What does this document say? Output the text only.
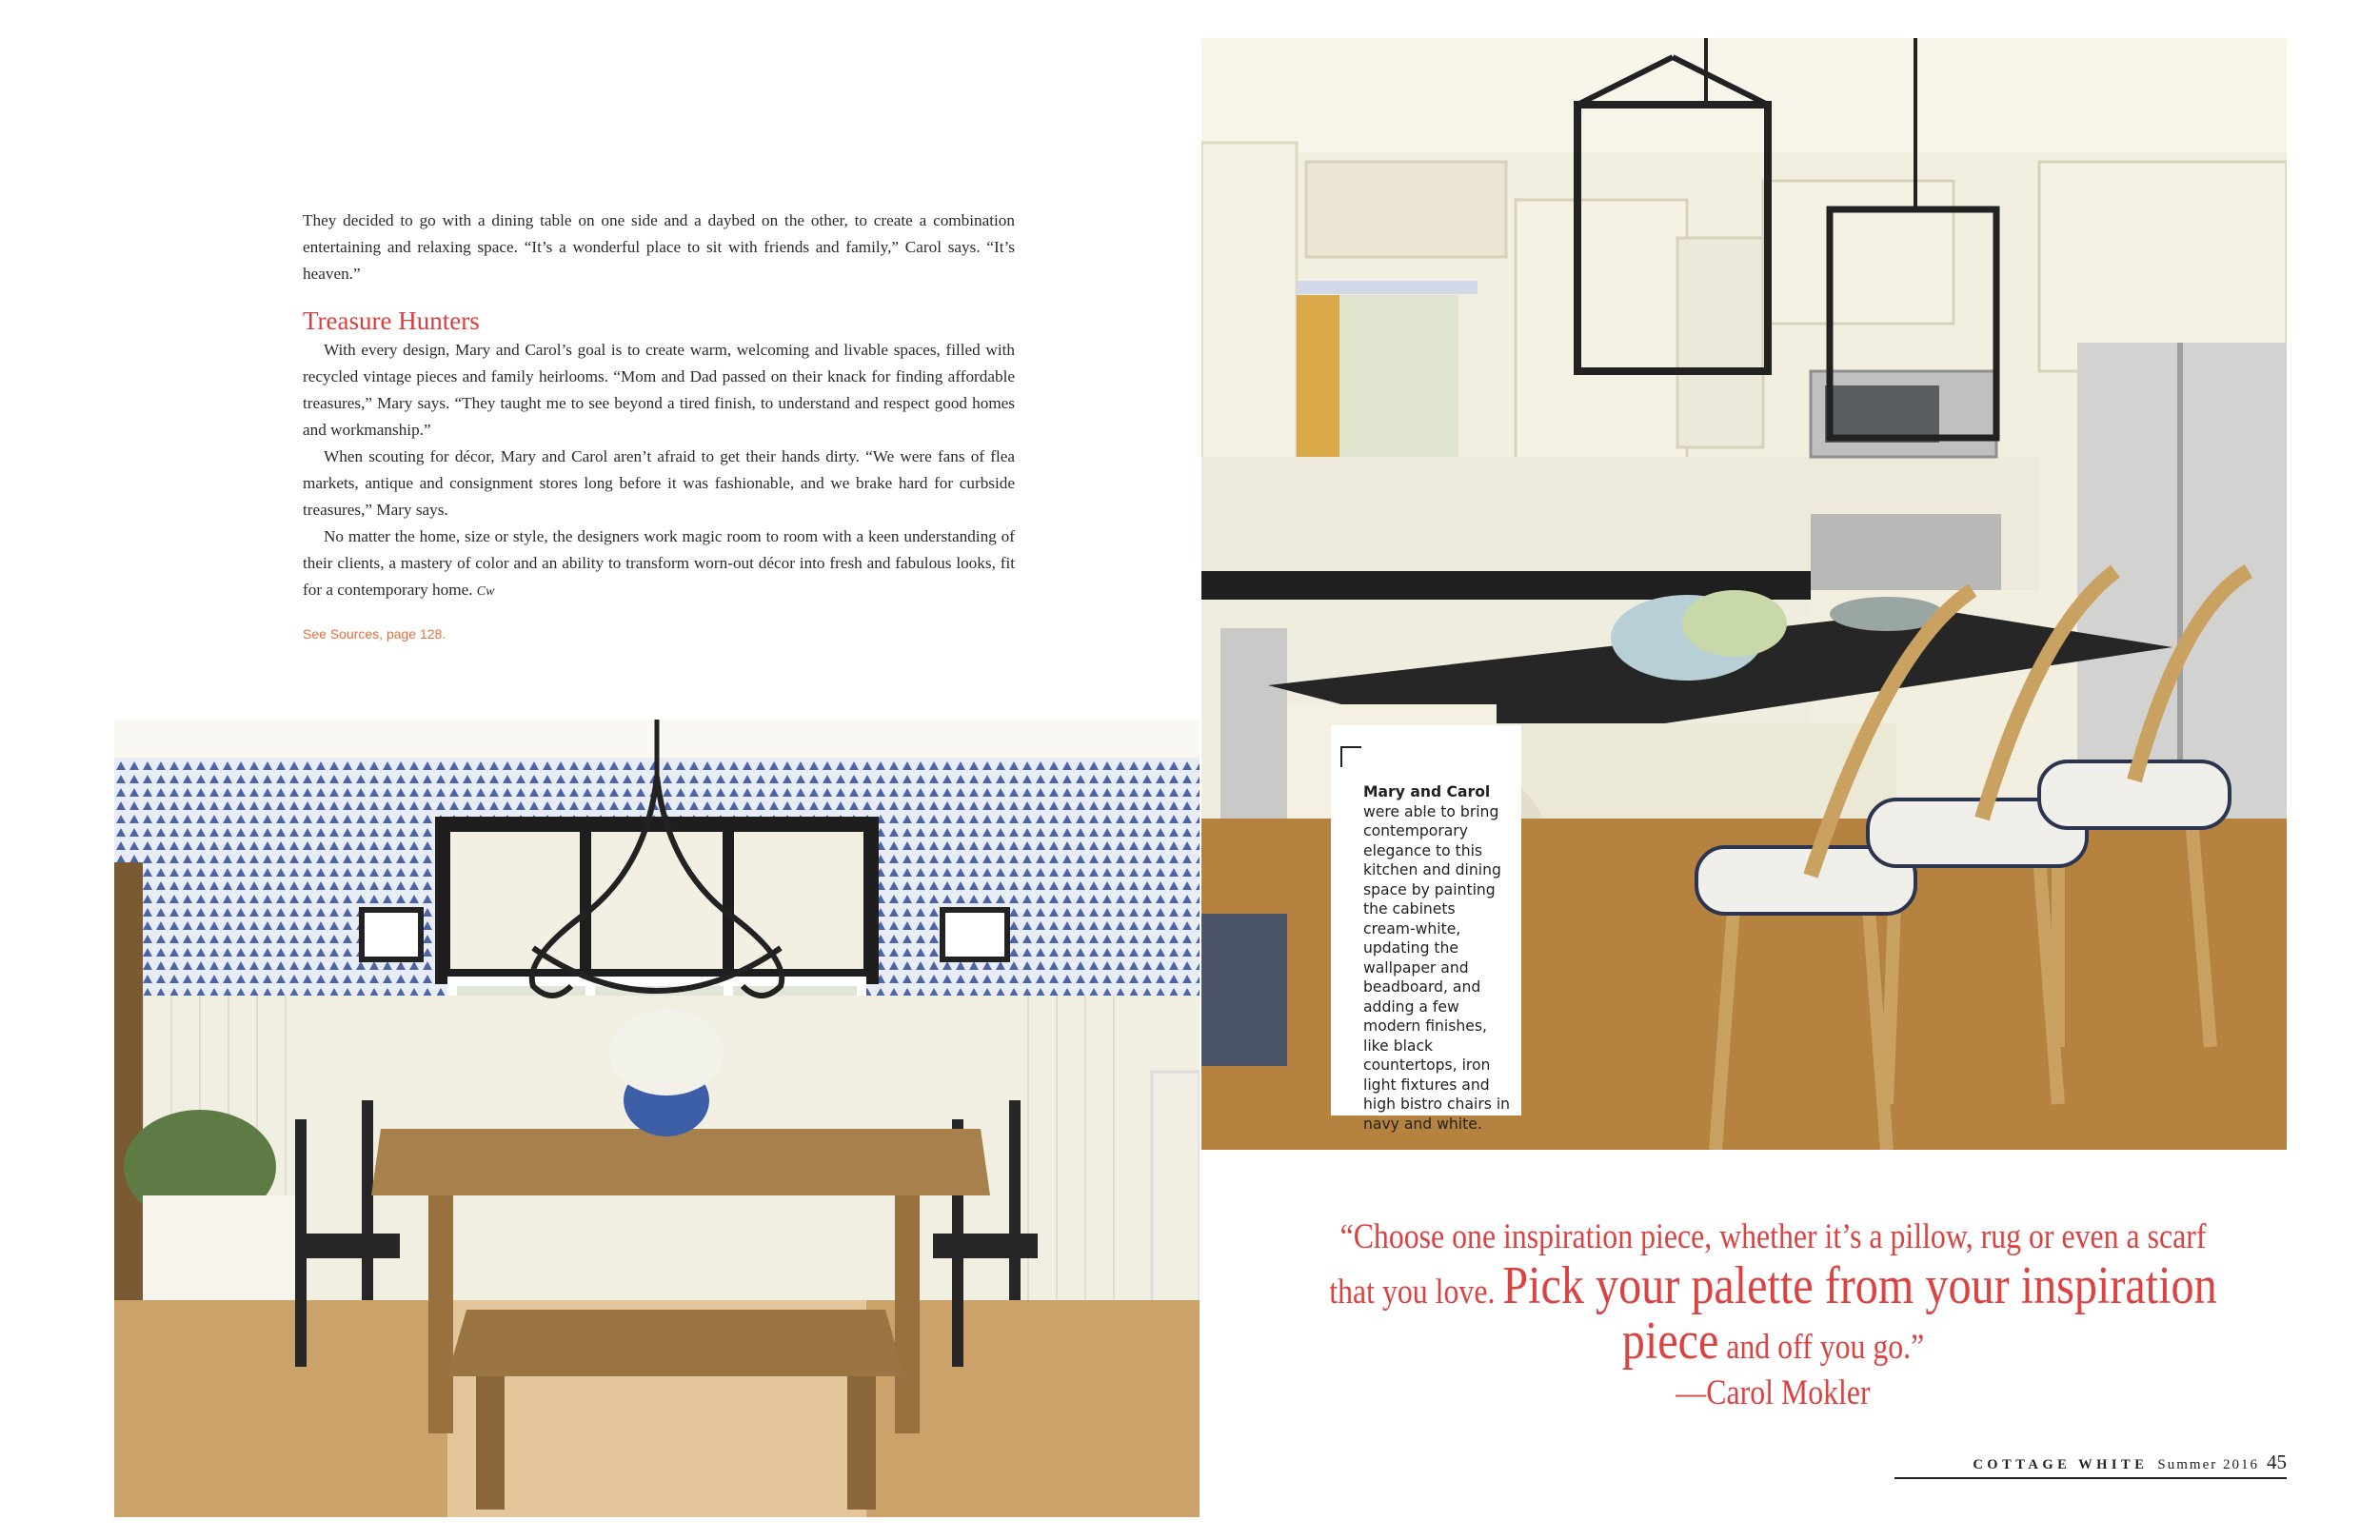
They decided to go with a dining table on one side and a daybed on the other, to create a combination entertaining and relaxing space. “It’s a wonderful place to sit with friends and family,” Carol says. “It’s heaven.”

Treasure Hunters

With every design, Mary and Carol’s goal is to create warm, welcoming and livable spaces, filled with recycled vintage pieces and family heirlooms. “Mom and Dad passed on their knack for finding affordable treasures,” Mary says. “They taught me to see beyond a tired finish, to understand and respect good homes and workmanship.”

When scouting for décor, Mary and Carol aren’t afraid to get their hands dirty. “We were fans of flea markets, antique and consignment stores long before it was fashionable, and we brake hard for curbside treasures,” Mary says.

No matter the home, size or style, the designers work magic room to room with a keen understanding of their clients, a mastery of color and an ability to transform worn-out décor into fresh and fabulous looks, fit for a contemporary home. Cw

See Sources, page 128.

Mary and Carol were able to bring contemporary elegance to this kitchen and dining space by painting the cabinets cream-white, updating the wallpaper and beadboard, and adding a few modern finishes, like black countertops, iron light fixtures and high bistro chairs in navy and white.
“Choose one inspiration piece, whether it’s a pillow, rug or even a scarf that you love. Pick your palette from your inspiration piece and off you go.”
—Carol Mokler
COTTAGE WHITE Summer 2016 45
